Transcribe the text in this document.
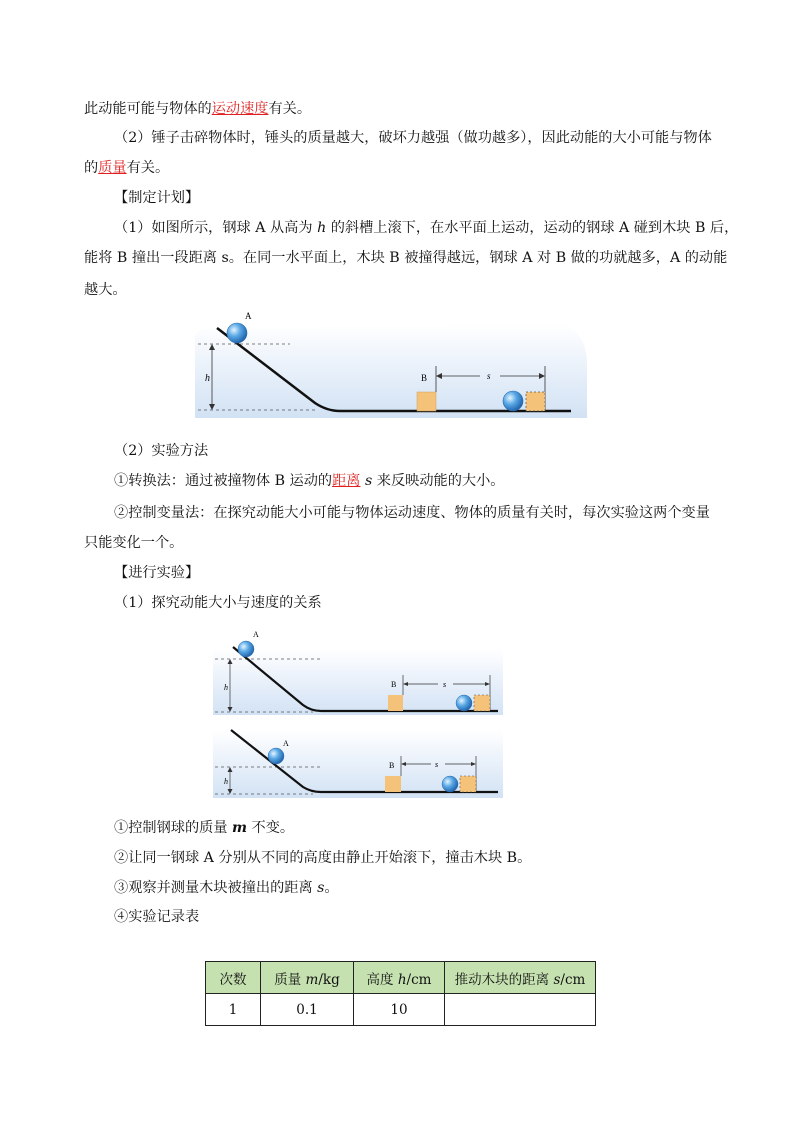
此动能可能与物体的运动速度有关。
（2）锤子击碎物体时，锤头的质量越大，破坏力越强（做功越多），因此动能的大小可能与物体
的质量有关。
【制定计划】
（1）如图所示，钢球 A 从高为 h 的斜槽上滚下，在水平面上运动，运动的钢球 A 碰到木块 B 后，
能将 B 撞出一段距离 s。在同一水平面上，木块 B 被撞得越远，钢球 A 对 B 做的功就越多，A 的动能
越大。
h
A
B	s
（2）实验方法
①转换法：通过被撞物体 B 运动的距离 s 来反映动能的大小。
②控制变量法：在探究动能大小可能与物体运动速度、物体的质量有关时，每次实验这两个变量
只能变化一个。
【进行实验】
（1）探究动能大小与速度的关系
h
A
B	s
h
A
B	s
①控制钢球的质量 m 不变。
②让同一钢球 A 分别从不同的高度由静止开始滚下，撞击木块 B。
③观察并测量木块被撞出的距离 s。
④实验记录表
次数	质量 m/kg	高度 h/cm	推动木块的距离 s/cm
1	0.1	10	
